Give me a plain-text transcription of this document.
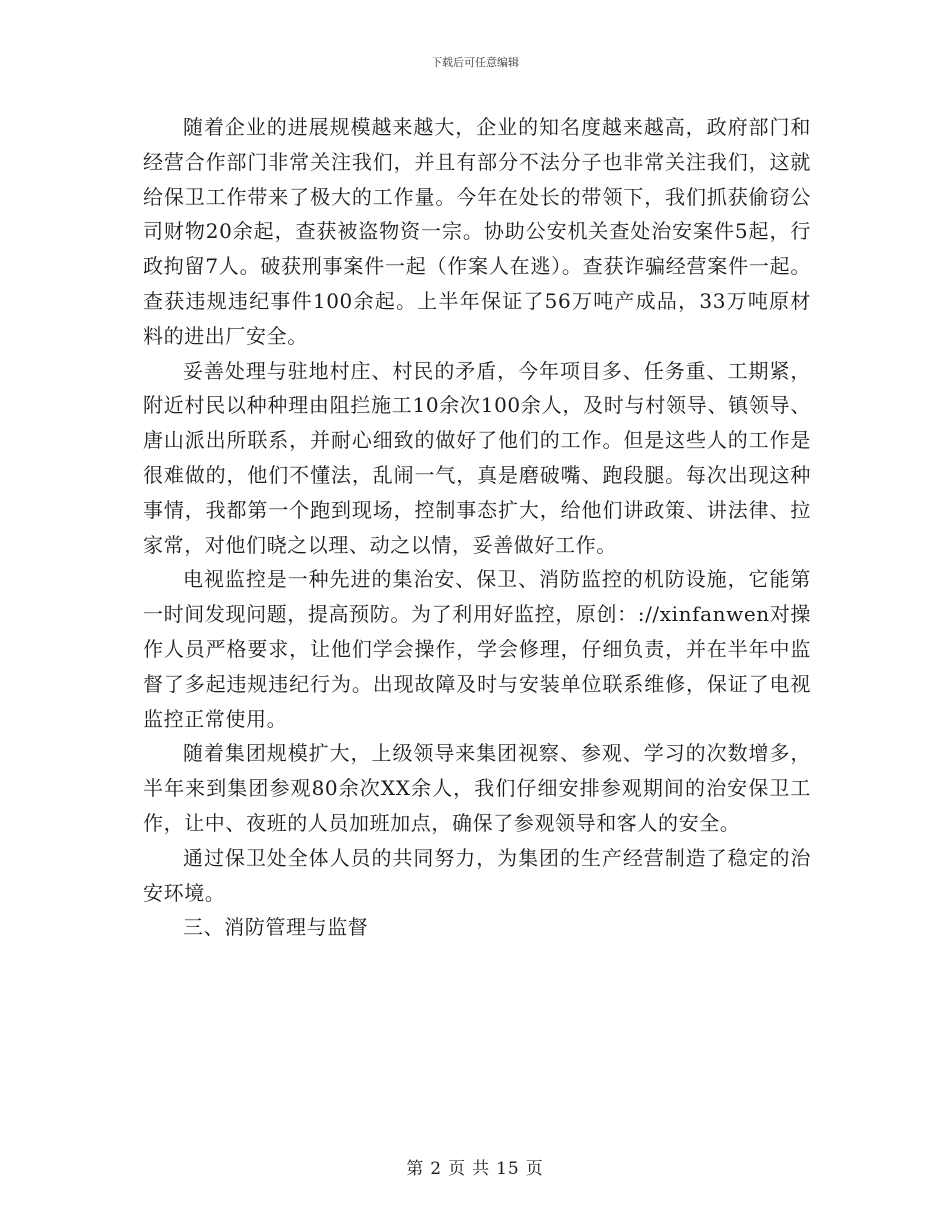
下载后可任意编辑

随着企业的进展规模越来越大，企业的知名度越来越高，政府部门和经营合作部门非常关注我们，并且有部分不法分子也非常关注我们，这就给保卫工作带来了极大的工作量。今年在处长的带领下，我们抓获偷窃公司财物20余起，查获被盗物资一宗。协助公安机关查处治安案件5起，行政拘留7人。破获刑事案件一起（作案人在逃）。查获诈骗经营案件一起。查获违规违纪事件100余起。上半年保证了56万吨产成品，33万吨原材料的进出厂安全。

妥善处理与驻地村庄、村民的矛盾，今年项目多、任务重、工期紧，附近村民以种种理由阻拦施工10余次100余人，及时与村领导、镇领导、唐山派出所联系，并耐心细致的做好了他们的工作。但是这些人的工作是很难做的，他们不懂法，乱闹一气，真是磨破嘴、跑段腿。每次出现这种事情，我都第一个跑到现场，控制事态扩大，给他们讲政策、讲法律、拉家常，对他们晓之以理、动之以情，妥善做好工作。

电视监控是一种先进的集治安、保卫、消防监控的机防设施，它能第一时间发现问题，提高预防。为了利用好监控，原创：://xinfanwen对操作人员严格要求，让他们学会操作，学会修理，仔细负责，并在半年中监督了多起违规违纪行为。出现故障及时与安装单位联系维修，保证了电视监控正常使用。

随着集团规模扩大，上级领导来集团视察、参观、学习的次数增多，半年来到集团参观80余次XX余人，我们仔细安排参观期间的治安保卫工作，让中、夜班的人员加班加点，确保了参观领导和客人的安全。

通过保卫处全体人员的共同努力，为集团的生产经营制造了稳定的治安环境。

三、消防管理与监督

第 2 页 共 15 页
